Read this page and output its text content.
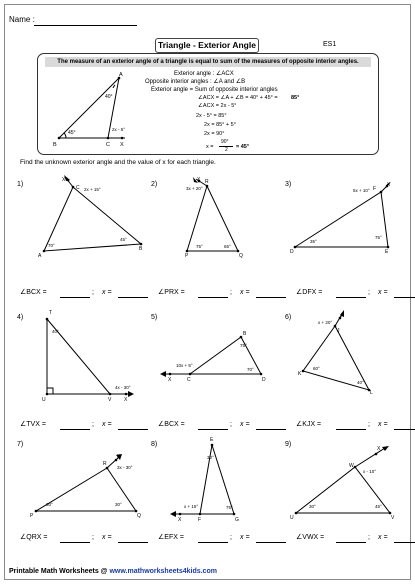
Name :
Triangle - Exterior Angle	ES1
The measure of an exterior angle of a triangle is equal to sum of the measures of opposite interior angles.
A
B	C X
40°
45°
2x - 5°
Exterior angle : ∠ACX
Opposite interior angles : ∠A and ∠B
Exterior angle = Sum of opposite interior angles
∠ACX = ∠A + ∠B = 40° + 45° = 85°
∠ACX = 2x - 5°
2x - 5° = 85°
2x = 85° + 5°
2x = 90°
x =
90°
2 = 45°
Find the unknown exterior angle and the value of x for each triangle.
1)
X
C
A
B
2x + 15°
70°
45°
2)	R
P	Q
X
3x + 20°
75°	65°
3)
F
D	E
X
5x + 10°
35°
75°
4)
T
U	V	X
40°
4x - 30°
5)
B
C	D
X
10x + 5°
75°
70°
6)
J
K
L
X
x + 20°
60°
40°
7)
R
P	Q
X
3x - 30°
30°	30°
8)
E
F	G
X
30°
75°
x + 15°
9)
U	V
W
X
x - 10°
30°	45°
∠BCX =	; x =	∠PRX =	; x =	∠DFX =	; x =
∠TVX =	; x =	∠BCX =	; x =	∠KJX =	; x =
∠QRX =	; x =	∠EFX =	; x =	∠VWX =	; x =
Printable Math Worksheets @ www.mathworksheets4kids.com
